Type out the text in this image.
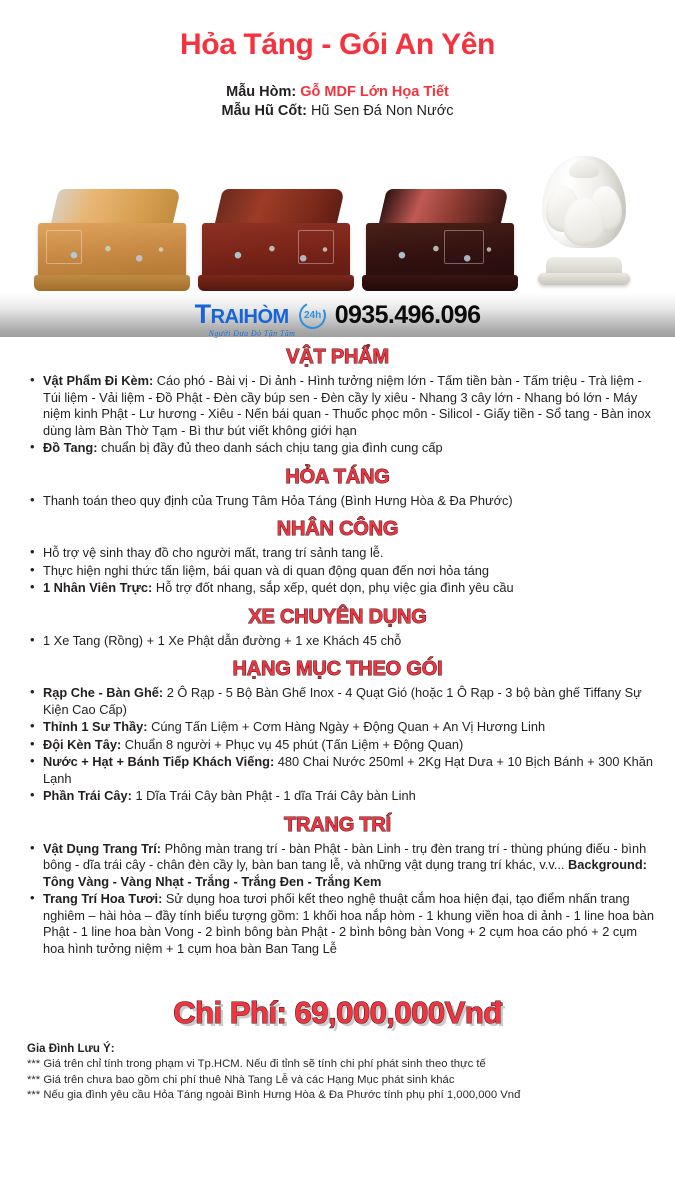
Hỏa Táng - Gói An Yên
Mẫu Hòm: Gỗ MDF Lớn Họa Tiết
Mẫu Hũ Cốt: Hũ Sen Đá Non Nước
TRAIHÒM
Người Đưa Đò Tận Tâm
24h 0935.496.096
VẬT PHẨM
• Vật Phẩm Đi Kèm: Cáo phó - Bài vị - Di ảnh - Hình tưởng niệm lớn - Tấm tiền bàn - Tấm triệu - Trà liệm - Túi liệm - Vải liệm - Đồ Phật - Đèn cầy búp sen - Đèn cầy ly xiêu - Nhang 3 cây lớn - Nhang bó lớn - Máy niệm kinh Phật - Lư hương - Xiêu - Nến bái quan - Thuốc phọc môn - Silicol - Giấy tiền - Sổ tang - Bàn inox dùng làm Bàn Thờ Tạm - Bì thư bút viết không giới hạn
• Đồ Tang: chuẩn bị đầy đủ theo danh sách chịu tang gia đình cung cấp
HỎA TÁNG
• Thanh toán theo quy định của Trung Tâm Hỏa Táng (Bình Hưng Hòa & Đa Phước)
NHÂN CÔNG
• Hỗ trợ vệ sinh thay đồ cho người mất, trang trí sảnh tang lễ.
• Thực hiện nghi thức tấn liệm, bái quan và di quan động quan đến nơi hỏa táng
• 1 Nhân Viên Trực: Hỗ trợ đốt nhang, sắp xếp, quét dọn, phụ việc gia đình yêu cầu
XE CHUYÊN DỤNG
• 1 Xe Tang (Rồng) + 1 Xe Phật dẫn đường + 1 xe Khách 45 chỗ
HẠNG MỤC THEO GÓI
• Rạp Che - Bàn Ghế: 2 Ô Rạp - 5 Bộ Bàn Ghế Inox - 4 Quạt Gió (hoặc 1 Ô Rạp - 3 bộ bàn ghế Tiffany Sự Kiện Cao Cấp)
• Thỉnh 1 Sư Thầy: Cúng Tấn Liệm + Cơm Hàng Ngày + Động Quan + An Vị Hương Linh
• Đội Kèn Tây: Chuẩn 8 người + Phục vụ 45 phút (Tấn Liệm + Động Quan)
• Nước + Hạt + Bánh Tiếp Khách Viếng: 480 Chai Nước 250ml + 2Kg Hạt Dưa + 10 Bịch Bánh + 300 Khăn Lạnh
• Phần Trái Cây: 1 Dĩa Trái Cây bàn Phật - 1 dĩa Trái Cây bàn Linh
TRANG TRÍ
• Vật Dụng Trang Trí: Phông màn trang trí - bàn Phật - bàn Linh - trụ đèn trang trí - thùng phúng điếu - bình bông - dĩa trái cây - chân đèn cầy ly, bàn ban tang lễ, và những vật dụng trang trí khác, v.v... Background: Tông Vàng - Vàng Nhạt - Trắng - Trắng Đen - Trắng Kem
• Trang Trí Hoa Tươi: Sử dụng hoa tươi phối kết theo nghệ thuật cắm hoa hiện đại, tạo điểm nhấn trang nghiêm – hài hòa – đầy tính biểu tượng gồm: 1 khối hoa nắp hòm - 1 khung viền hoa di ảnh - 1 line hoa bàn Phật - 1 line hoa bàn Vong - 2 bình bông bàn Phật - 2 bình bông bàn Vong + 2 cụm hoa cáo phó + 2 cụm hoa hình tưởng niệm + 1 cụm hoa bàn Ban Tang Lễ
Chi Phí: 69,000,000Vnđ
Gia Đình Lưu Ý:
*** Giá trên chỉ tính trong phạm vi Tp.HCM. Nếu đi tỉnh sẽ tính chi phí phát sinh theo thực tế
*** Giá trên chưa bao gồm chi phí thuê Nhà Tang Lễ và các Hạng Mục phát sinh khác
*** Nếu gia đình yêu cầu Hỏa Táng ngoài Bình Hưng Hòa & Đa Phước tính phụ phí 1,000,000 Vnđ
